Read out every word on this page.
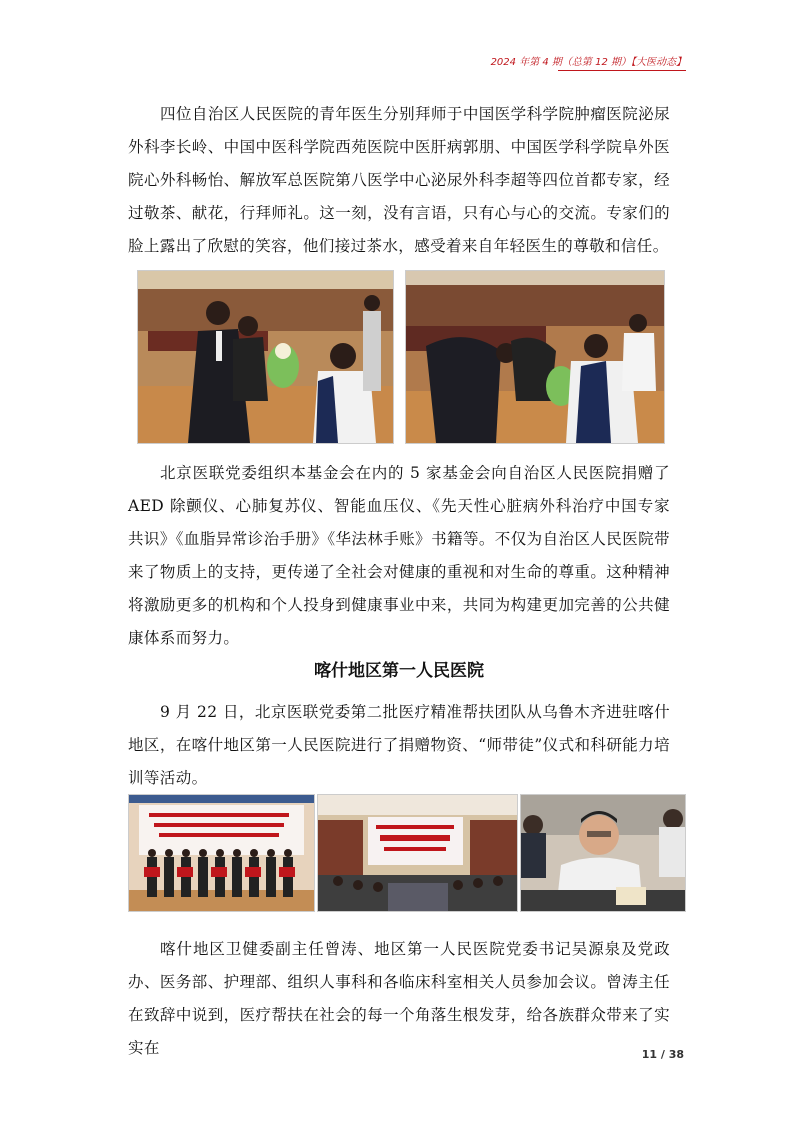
2024 年第 4 期（总第 12 期）【大医动态】

四位自治区人民医院的青年医生分别拜师于中国医学科学院肿瘤医院泌尿外科李长岭、中国中医科学院西苑医院中医肝病郭朋、中国医学科学院阜外医院心外科畅怡、解放军总医院第八医学中心泌尿外科李超等四位首都专家，经过敬茶、献花，行拜师礼。这一刻，没有言语，只有心与心的交流。专家们的脸上露出了欣慰的笑容，他们接过茶水，感受着来自年轻医生的尊敬和信任。

北京医联党委组织本基金会在内的 5 家基金会向自治区人民医院捐赠了 AED 除颤仪、心肺复苏仪、智能血压仪、《先天性心脏病外科治疗中国专家共识》《血脂异常诊治手册》《华法林手账》书籍等。不仅为自治区人民医院带来了物质上的支持，更传递了全社会对健康的重视和对生命的尊重。这种精神将激励更多的机构和个人投身到健康事业中来，共同为构建更加完善的公共健康体系而努力。

喀什地区第一人民医院

9 月 22 日，北京医联党委第二批医疗精准帮扶团队从乌鲁木齐进驻喀什地区，在喀什地区第一人民医院进行了捐赠物资、“师带徒”仪式和科研能力培训等活动。

喀什地区卫健委副主任曾涛、地区第一人民医院党委书记吴源泉及党政办、医务部、护理部、组织人事科和各临床科室相关人员参加会议。曾涛主任在致辞中说到，医疗帮扶在社会的每一个角落生根发芽，给各族群众带来了实实在	11 / 38
